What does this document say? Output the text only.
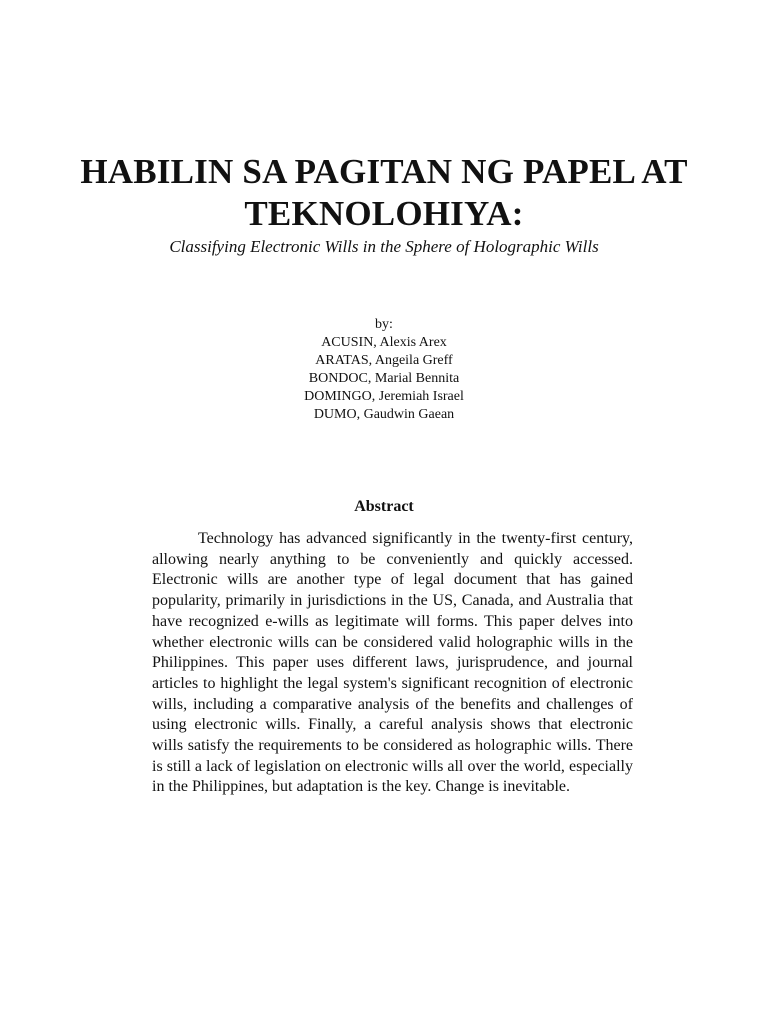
HABILIN SA PAGITAN NG PAPEL AT TEKNOLOHIYA:

Classifying Electronic Wills in the Sphere of Holographic Wills

by:
ACUSIN, Alexis Arex
ARATAS, Angeila Greff
BONDOC, Marial Bennita
DOMINGO, Jeremiah Israel
DUMO, Gaudwin Gaean
Abstract

Technology has advanced significantly in the twenty-first century, allowing nearly anything to be conveniently and quickly accessed. Electronic wills are another type of legal document that has gained popularity, primarily in jurisdictions in the US, Canada, and Australia that have recognized e-wills as legitimate will forms. This paper delves into whether electronic wills can be considered valid holographic wills in the Philippines. This paper uses different laws, jurisprudence, and journal articles to highlight the legal system's significant recognition of electronic wills, including a comparative analysis of the benefits and challenges of using electronic wills. Finally, a careful analysis shows that electronic wills satisfy the requirements to be considered as holographic wills. There is still a lack of legislation on electronic wills all over the world, especially in the Philippines, but adaptation is the key. Change is inevitable.
